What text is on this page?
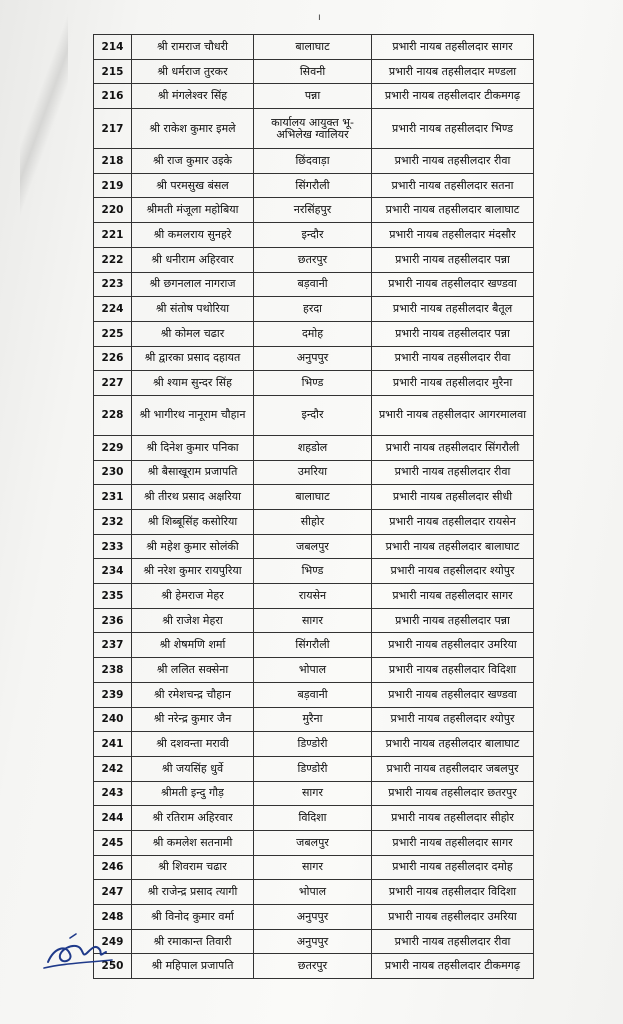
ı
214	श्री रामराज चौधरी	बालाघाट	प्रभारी नायब तहसीलदार सागर
215	श्री धर्मराज तुरकर	सिवनी	प्रभारी नायब तहसीलदार मण्डला
216	श्री मंगलेश्वर सिंह	पन्ना	प्रभारी नायब तहसीलदार टीकमगढ़
217	श्री राकेश कुमार इमले	कार्यालय आयुक्त भू-अभिलेख ग्वालियर	प्रभारी नायब तहसीलदार भिण्ड
218	श्री राज कुमार उइके	छिंदवाड़ा	प्रभारी नायब तहसीलदार रीवा
219	श्री परमसुख बंसल	सिंगरौली	प्रभारी नायब तहसीलदार सतना
220	श्रीमती मंजूला महोबिया	नरसिंहपुर	प्रभारी नायब तहसीलदार बालाघाट
221	श्री कमलराय सुनहरे	इन्दौर	प्रभारी नायब तहसीलदार मंदसौर
222	श्री धनीराम अहिरवार	छतरपुर	प्रभारी नायब तहसीलदार पन्ना
223	श्री छगनलाल नागराज	बड़वानी	प्रभारी नायब तहसीलदार खण्डवा
224	श्री संतोष पथोरिया	हरदा	प्रभारी नायब तहसीलदार बैतूल
225	श्री कोमल चढार	दमोह	प्रभारी नायब तहसीलदार पन्ना
226	श्री द्वारका प्रसाद दहायत	अनुपपुर	प्रभारी नायब तहसीलदार रीवा
227	श्री श्याम सुन्दर सिंह	भिण्ड	प्रभारी नायब तहसीलदार मुरैना
228	श्री भागीरथ नानूराम चौहान	इन्दौर	प्रभारी नायब तहसीलदार आगरमालवा
229	श्री दिनेश कुमार पनिका	शहडोल	प्रभारी नायब तहसीलदार सिंगरौली
230	श्री बैसाखूराम प्रजापति	उमरिया	प्रभारी नायब तहसीलदार रीवा
231	श्री तीरथ प्रसाद अक्षरिया	बालाघाट	प्रभारी नायब तहसीलदार सीधी
232	श्री शिब्बूसिंह कसोरिया	सीहोर	प्रभारी नायब तहसीलदार रायसेन
233	श्री महेश कुमार सोलंकी	जबलपुर	प्रभारी नायब तहसीलदार बालाघाट
234	श्री नरेश कुमार रायपुरिया	भिण्ड	प्रभारी नायब तहसीलदार श्योपुर
235	श्री हेमराज मेहर	रायसेन	प्रभारी नायब तहसीलदार सागर
236	श्री राजेश मेहरा	सागर	प्रभारी नायब तहसीलदार पन्ना
237	श्री शेषमणि शर्मा	सिंगरौली	प्रभारी नायब तहसीलदार उमरिया
238	श्री ललित सक्सेना	भोपाल	प्रभारी नायब तहसीलदार विदिशा
239	श्री रमेशचन्द्र चौहान	बड़वानी	प्रभारी नायब तहसीलदार खण्डवा
240	श्री नरेन्द्र कुमार जैन	मुरैना	प्रभारी नायब तहसीलदार श्योपुर
241	श्री दशवन्ता मरावी	डिण्डोरी	प्रभारी नायब तहसीलदार बालाघाट
242	श्री जयसिंह धुर्वे	डिण्डोरी	प्रभारी नायब तहसीलदार जबलपुर
243	श्रीमती इन्दु गौड़	सागर	प्रभारी नायब तहसीलदार छतरपुर
244	श्री रतिराम अहिरवार	विदिशा	प्रभारी नायब तहसीलदार सीहोर
245	श्री कमलेश सतनामी	जबलपुर	प्रभारी नायब तहसीलदार सागर
246	श्री शिवराम चढार	सागर	प्रभारी नायब तहसीलदार दमोह
247	श्री राजेन्द्र प्रसाद त्यागी	भोपाल	प्रभारी नायब तहसीलदार विदिशा
248	श्री विनोद कुमार वर्मा	अनुपपुर	प्रभारी नायब तहसीलदार उमरिया
249	श्री रमाकान्त तिवारी	अनुपपुर	प्रभारी नायब तहसीलदार रीवा
250	श्री महिपाल प्रजापति	छतरपुर	प्रभारी नायब तहसीलदार टीकमगढ़
